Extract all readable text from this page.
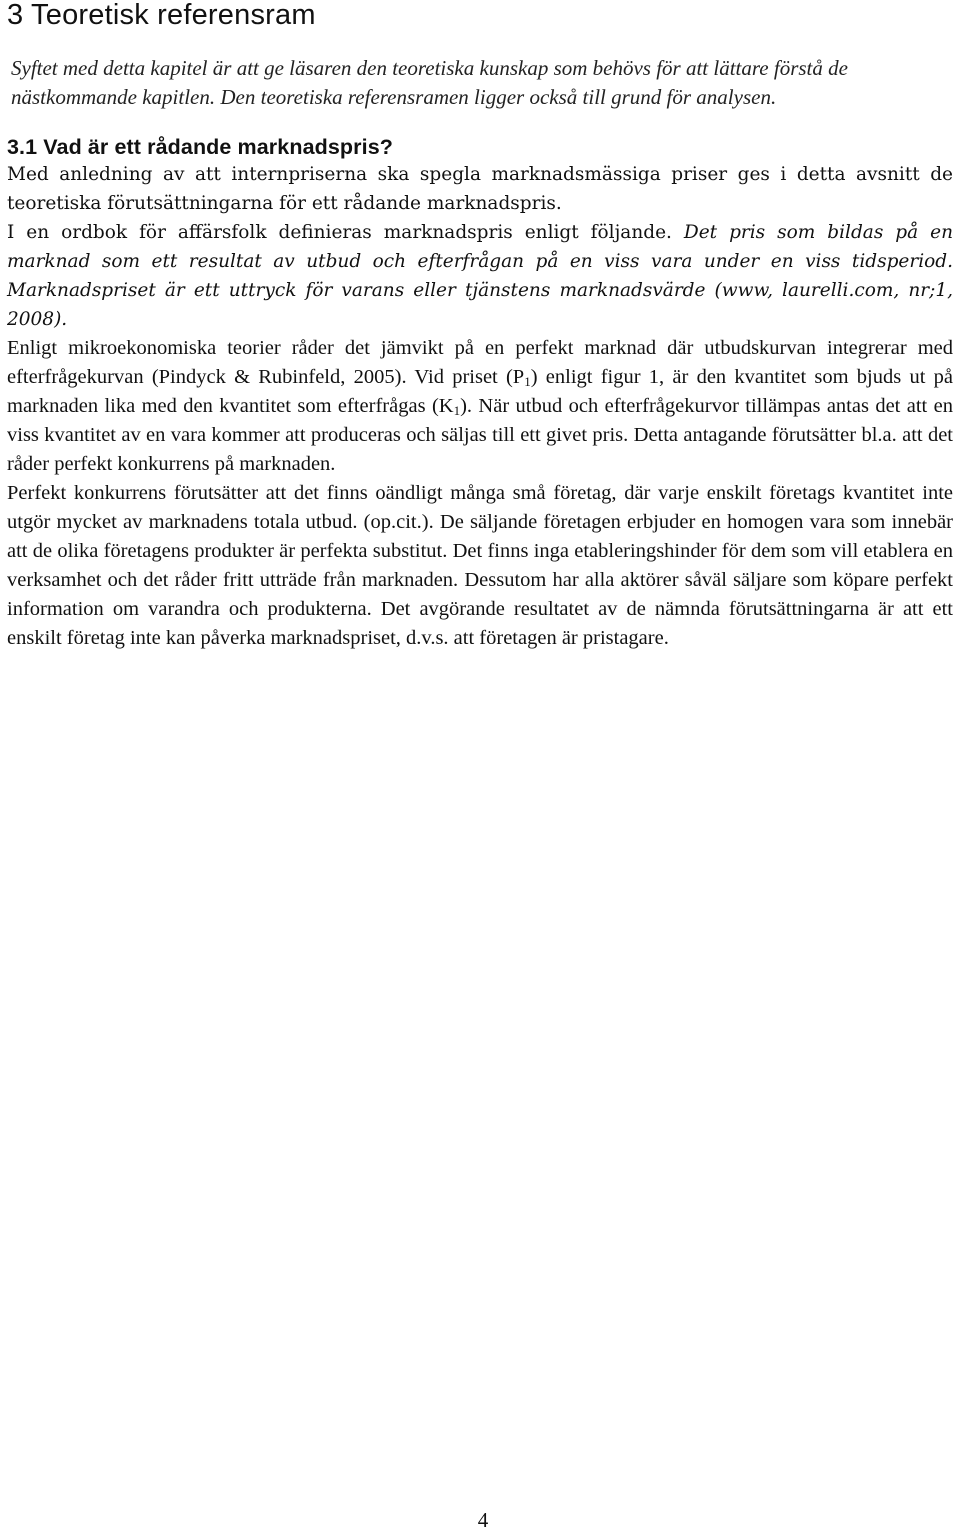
3 Teoretisk referensram

Syftet med detta kapitel är att ge läsaren den teoretiska kunskap som behövs för att lättare förstå de nästkommande kapitlen. Den teoretiska referensramen ligger också till grund för analysen.

3.1 Vad är ett rådande marknadspris?

Med anledning av att internpriserna ska spegla marknadsmässiga priser ges i detta avsnitt de teoretiska förutsättningarna för ett rådande marknadspris.

I en ordbok för affärsfolk definieras marknadspris enligt följande. Det pris som bildas på en marknad som ett resultat av utbud och efterfrågan på en viss vara under en viss tidsperiod. Marknadspriset är ett uttryck för varans eller tjänstens marknadsvärde (www, laurelli.com, nr;1, 2008).

Enligt mikroekonomiska teorier råder det jämvikt på en perfekt marknad där utbudskurvan integrerar med efterfrågekurvan (Pindyck & Rubinfeld, 2005). Vid priset $(P_1)$ enligt figur 1, är den kvantitet som bjuds ut på marknaden lika med den kvantitet som efterfrågas $(K_1)$. När utbud och efterfrågekurvor tillämpas antas det att en viss kvantitet av en vara kommer att produceras och säljas till ett givet pris. Detta antagande förutsätter bl.a. att det råder perfekt konkurrens på marknaden.

Perfekt konkurrens förutsätter att det finns oändligt många små företag, där varje enskilt företags kvantitet inte utgör mycket av marknadens totala utbud. (op.cit.). De säljande företagen erbjuder en homogen vara som innebär att de olika företagens produkter är perfekta substitut. Det finns inga etableringshinder för dem som vill etablera en verksamhet och det råder fritt utträde från marknaden. Dessutom har alla aktörer såväl säljare som köpare perfekt information om varandra och produkterna. Det avgörande resultatet av de nämnda förutsättningarna är att ett enskilt företag inte kan påverka marknadspriset, d.v.s. att företagen är pristagare.

4
